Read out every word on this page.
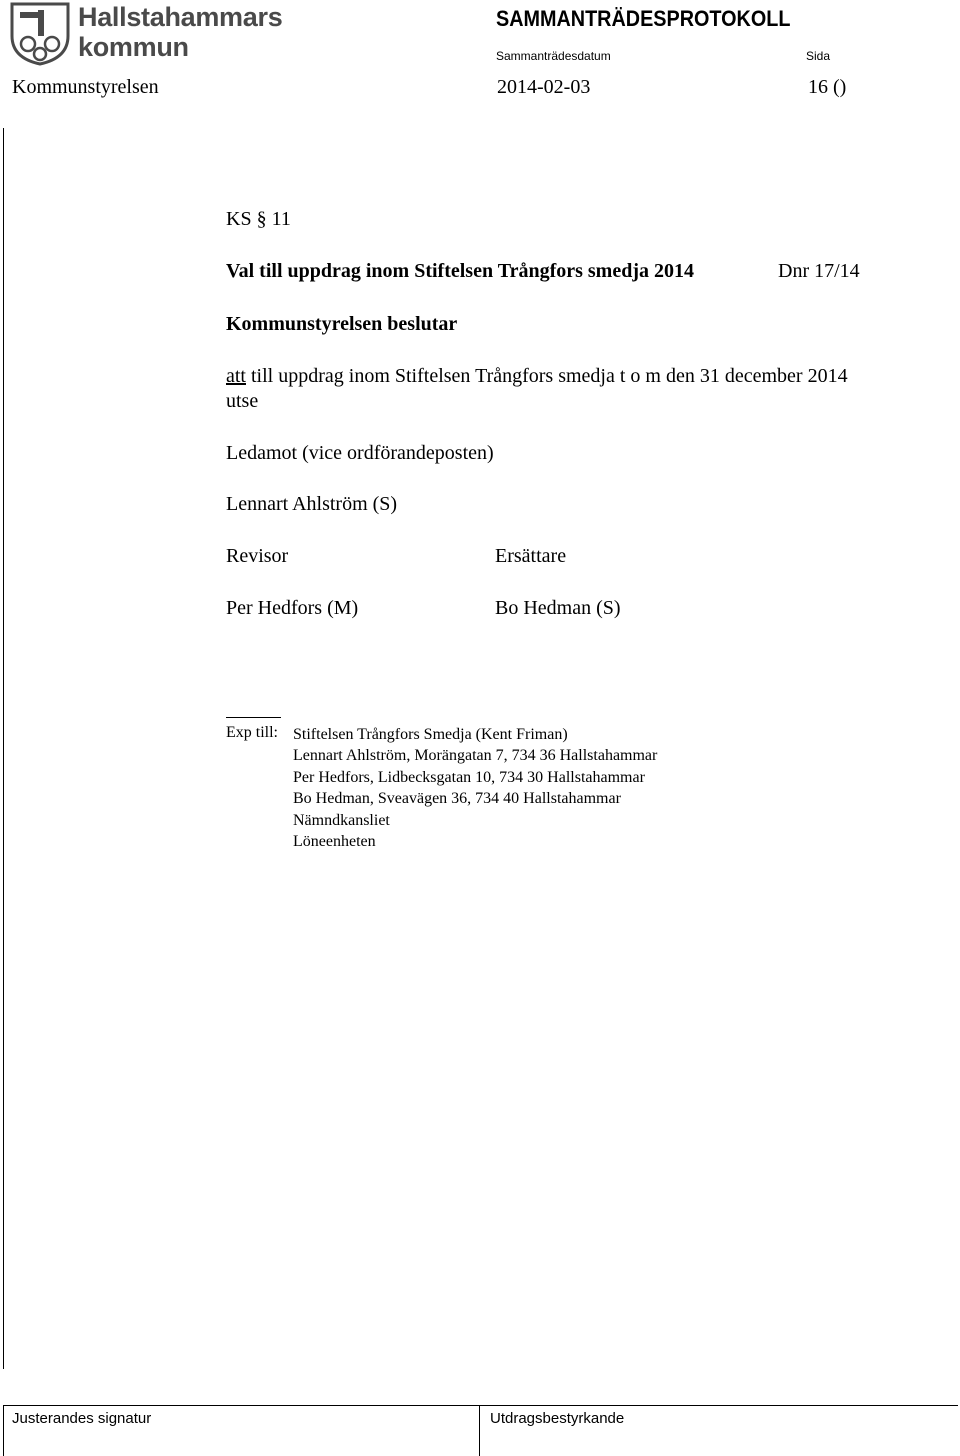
Hallstahammars
kommun
SAMMANTRÄDESPROTOKOLL
Sammanträdesdatum	Sida
Kommunstyrelsen	2014-02-03	16 ()
KS § 11
Val till uppdrag inom Stiftelsen Trångfors smedja 2014	Dnr 17/14
Kommunstyrelsen beslutar
att till uppdrag inom Stiftelsen Trångfors smedja t o m den 31 december 2014
utse
Ledamot (vice ordförandeposten)
Lennart Ahlström (S)
Revisor	Ersättare
Per Hedfors (M)	Bo Hedman (S)
Exp till: Stiftelsen Trångfors Smedja (Kent Friman)
Lennart Ahlström, Morängatan 7, 734 36 Hallstahammar
Per Hedfors, Lidbecksgatan 10, 734 30 Hallstahammar
Bo Hedman, Sveavägen 36, 734 40 Hallstahammar
Nämndkansliet
Löneenheten
Justerandes signatur	Utdragsbestyrkande
